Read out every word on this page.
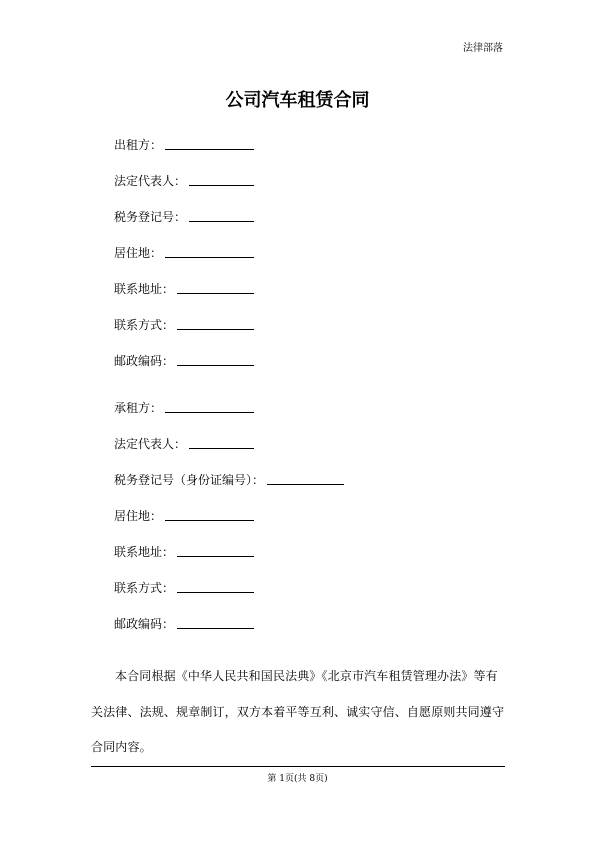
法律部落
公司汽车租赁合同
出租方：
法定代表人：
税务登记号：
居住地：
联系地址：
联系方式：
邮政编码：
承租方：
法定代表人：
税务登记号（身份证编号）：
居住地：
联系地址：
联系方式：
邮政编码：

本合同根据《中华人民共和国民法典》《北京市汽车租赁管理办法》等有关法律、法规、规章制订，双方本着平等互利、诚实守信、自愿原则共同遵守合同内容。

第 1页(共 8页)
